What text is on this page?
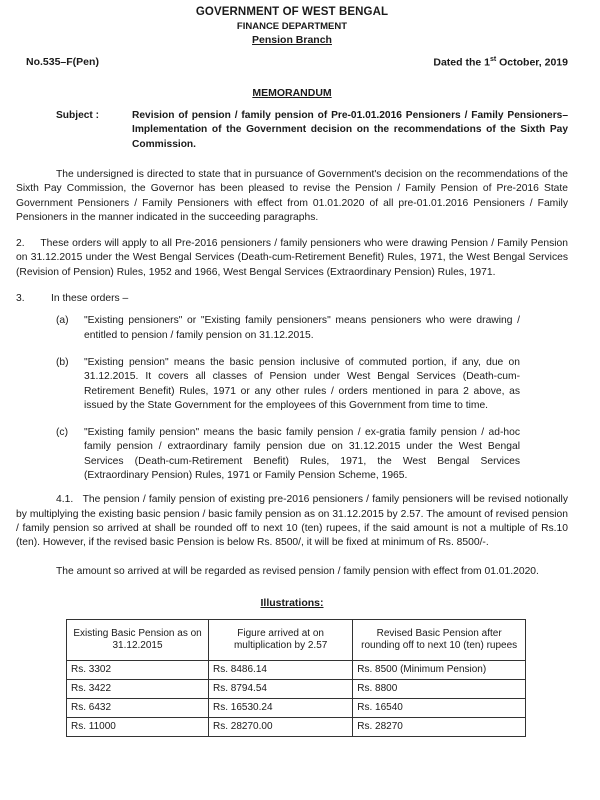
GOVERNMENT OF WEST BENGAL
FINANCE DEPARTMENT
Pension Branch
No.535–F(Pen)	Dated the 1st October, 2019
MEMORANDUM
Subject :	Revision of pension / family pension of Pre-01.01.2016 Pensioners / Family Pensioners–Implementation of the Government decision on the recommendations of the Sixth Pay Commission.

The undersigned is directed to state that in pursuance of Government's decision on the recommendations of the Sixth Pay Commission, the Governor has been pleased to revise the Pension / Family Pension of Pre-2016 State Government Pensioners / Family Pensioners with effect from 01.01.2020 of all pre-01.01.2016 Pensioners / Family Pensioners in the manner indicated in the succeeding paragraphs.

2.     These orders will apply to all Pre-2016 pensioners / family pensioners who were drawing Pension / Family Pension on 31.12.2015 under the West Bengal Services (Death-cum-Retirement Benefit) Rules, 1971, the West Bengal Services (Revision of Pension) Rules, 1952 and 1966, West Bengal Services (Extraordinary Pension) Rules, 1971.

3.	In these orders –

(a)	"Existing pensioners" or "Existing family pensioners" means pensioners who were drawing / entitled to pension / family pension on 31.12.2015.

(b)	"Existing pension" means the basic pension inclusive of commuted portion, if any, due on 31.12.2015. It covers all classes of Pension under West Bengal Services (Death-cum-Retirement Benefit) Rules, 1971 or any other rules / orders mentioned in para 2 above, as issued by the State Government for the employees of this Government from time to time.

(c)	"Existing family pension" means the basic family pension / ex-gratia family pension / ad-hoc family pension / extraordinary family pension due on 31.12.2015 under the West Bengal Services (Death-cum-Retirement Benefit) Rules, 1971, the West Bengal Services (Extraordinary Pension) Rules, 1971 or Family Pension Scheme, 1965.

4.1.   The pension / family pension of existing pre-2016 pensioners / family pensioners will be revised notionally by multiplying the existing basic pension / basic family pension as on 31.12.2015 by 2.57. The amount of revised pension / family pension so arrived at shall be rounded off to next 10 (ten) rupees, if the said amount is not a multiple of Rs.10 (ten). However, if the revised basic Pension is below Rs. 8500/, it will be fixed at minimum of Rs. 8500/-.

The amount so arrived at will be regarded as revised pension / family pension with effect from 01.01.2020.

Illustrations:
Existing Basic Pension as on 31.12.2015	Figure arrived at on multiplication by 2.57	Revised Basic Pension after rounding off to next 10 (ten) rupees
Rs. 3302	Rs. 8486.14	Rs. 8500 (Minimum Pension)
Rs. 3422	Rs. 8794.54	Rs. 8800
Rs. 6432	Rs. 16530.24	Rs. 16540
Rs. 11000	Rs. 28270.00	Rs. 28270
